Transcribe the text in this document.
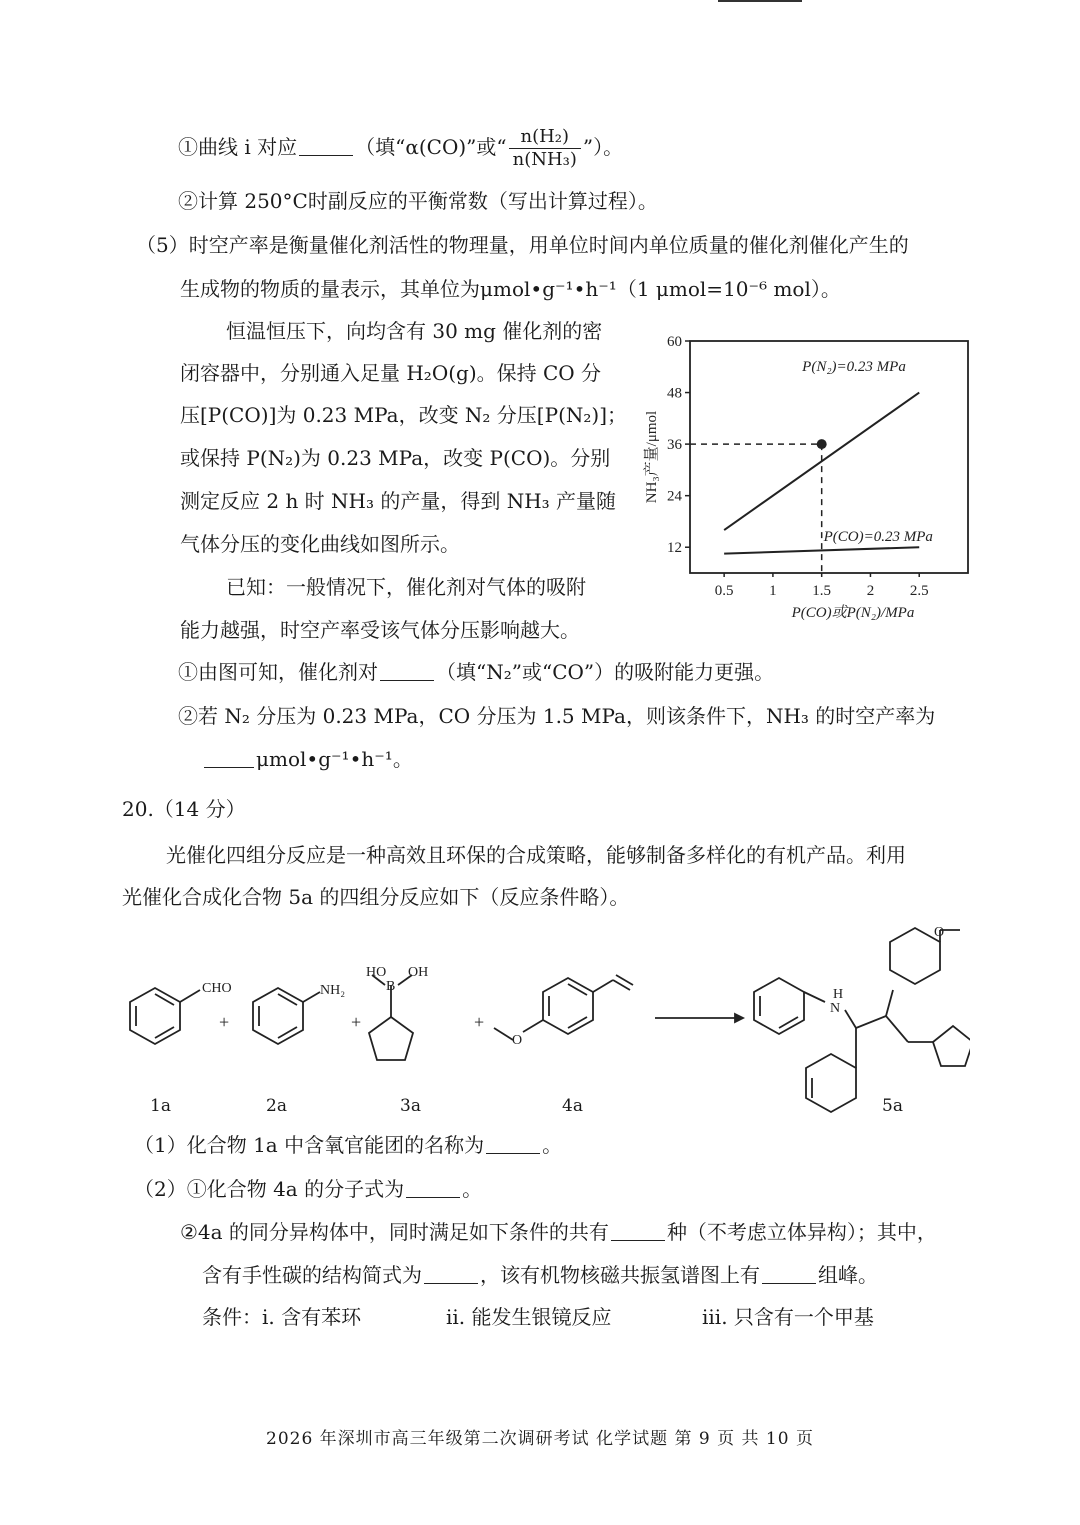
①曲线 i 对应	（填“α(CO)”或“ $\frac{\text{n(H₂)}}{\text{n(NH₃)}}$ ”）。
②计算 250°C时副反应的平衡常数（写出计算过程）。
（5）时空产率是衡量催化剂活性的物理量，用单位时间内单位质量的催化剂催化产生的
生成物的物质的量表示，其单位为μmol•g⁻¹•h⁻¹（1 μmol=10⁻⁶ mol）。
恒温恒压下，向均含有 30 mg 催化剂的密
闭容器中，分别通入足量 H₂O(g)。保持 CO 分
压[P(CO)]为 0.23 MPa，改变 N₂ 分压[P(N₂)]；
或保持 P(N₂)为 0.23 MPa，改变 P(CO)。分别
测定反应 2 h 时 NH₃ 的产量，得到 NH₃ 产量随
气体分压的变化曲线如图所示。
已知：一般情况下，催化剂对气体的吸附
能力越强，时空产率受该气体分压影响越大。
12
24
36
48
60
0.5 1 1.5 2 2.5
P(N₂)=0.23 MPa
P(CO)=0.23 MPa
NH₃产量/μmol
P(CO)或P(N₂)/MPa
①由图可知，催化剂对	（填“N₂”或“CO”）的吸附能力更强。
②若 N₂ 分压为 0.23 MPa，CO 分压为 1.5 MPa，则该条件下，NH₃ 的时空产率为
μmol•g⁻¹•h⁻¹。
20.（14 分）
光催化四组分反应是一种高效且环保的合成策略，能够制备多样化的有机产品。利用
光催化合成化合物 5a 的四组分反应如下（反应条件略）。
CHO	NH₂
HO OH
B
O
H
N
O
+	+	+
1a	2a	3a	4a	5a
（1）化合物 1a 中含氧官能团的名称为	。
（2）①化合物 4a 的分子式为	。
②4a 的同分异构体中，同时满足如下条件的共有	种（不考虑立体异构）；其中，
含有手性碳的结构简式为	，该有机物核磁共振氢谱图上有	组峰。
条件：i. 含有苯环	ii. 能发生银镜反应	iii. 只含有一个甲基
2026 年深圳市高三年级第二次调研考试 化学试题 第 9 页 共 10 页
